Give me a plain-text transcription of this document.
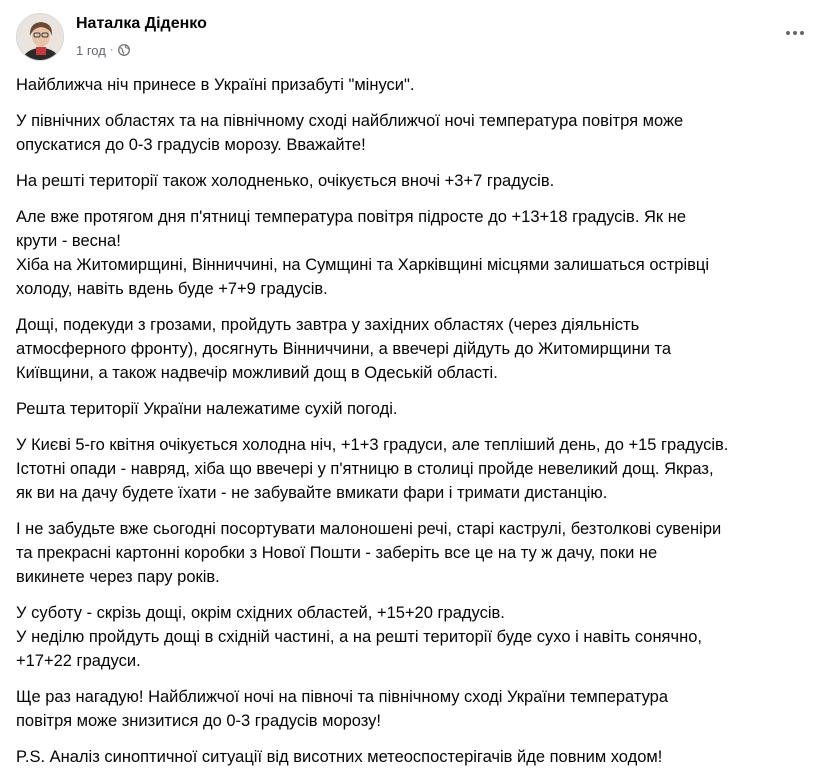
Наталка Діденко
1 год ·
Найближча ніч принесе в Україні призабуті "мінуси".
У північних областях та на північному сході найближчої ночі температура повітря може
опускатися до 0-3 градусів морозу. Вважайте!
На решті території також холодненько, очікується вночі +3+7 градусів.
Але вже протягом дня п'ятниці температура повітря підросте до +13+18 градусів. Як не
крути - весна!
Хіба на Житомирщині, Вінниччині, на Сумщині та Харківщині місцями залишаться острівці
холоду, навіть вдень буде +7+9 градусів.
Дощі, подекуди з грозами, пройдуть завтра у західних областях (через діяльність
атмосферного фронту), досягнуть Вінниччини, а ввечері дійдуть до Житомирщини та
Київщини, а також надвечір можливий дощ в Одеській області.
Решта території України належатиме сухій погоді.
У Києві 5-го квітня очікується холодна ніч, +1+3 градуси, але тепліший день, до +15 градусів.
Істотні опади - навряд, хіба що ввечері у п'ятницю в столиці пройде невеликий дощ. Якраз,
як ви на дачу будете їхати - не забувайте вмикати фари і тримати дистанцію.
І не забудьте вже сьогодні посортувати малоношені речі, старі каструлі, безтолкові сувеніри
та прекрасні картонні коробки з Нової Пошти - заберіть все це на ту ж дачу, поки не
викинете через пару років.
У суботу - скрізь дощі, окрім східних областей, +15+20 градусів.
У неділю пройдуть дощі в східній частині, а на решті території буде сухо і навіть сонячно,
+17+22 градуси.
Ще раз нагадую! Найближчої ночі на півночі та північному сході України температура
повітря може знизитися до 0-3 градусів морозу!
P.S. Аналіз синоптичної ситуації від висотних метеоспостерігачів йде повним ходом!
